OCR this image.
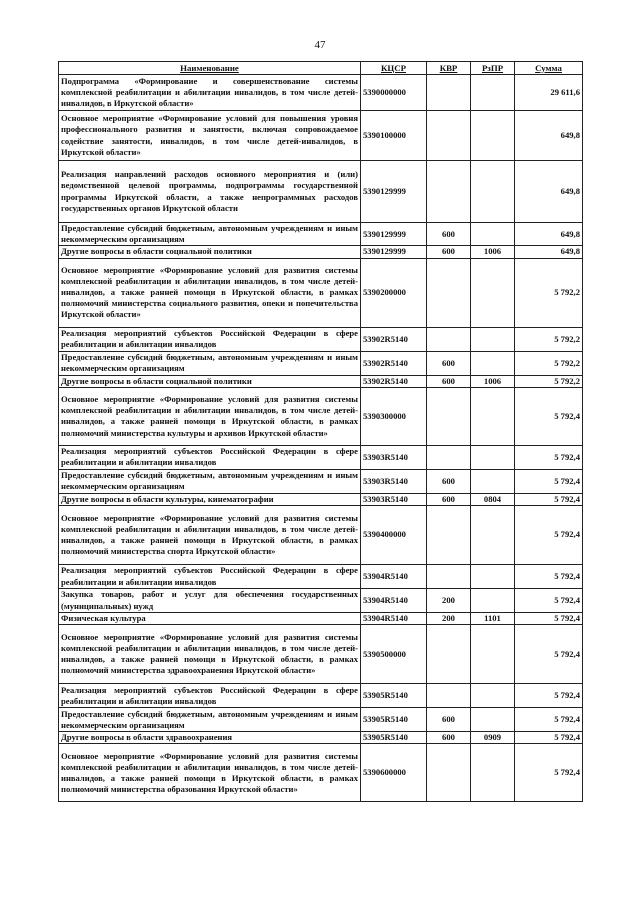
47
Наименование	КЦСР	КВР	РзПР	Сумма
Подпрограмма «Формирование и совершенствование системы комплексной реабилитации и абилитации инвалидов, в том числе детей-инвалидов, в Иркутской области»	5390000000			29 611,6
Основное мероприятие «Формирование условий для повышения уровня профессионального развития и занятости, включая сопровождаемое содействие занятости, инвалидов, в том числе детей-инвалидов, в Иркутской области»	5390100000			649,8
Реализация направлений расходов основного мероприятия и (или) ведомственной целевой программы, подпрограммы государственной программы Иркутской области, а также непрограммных расходов государственных органов Иркутской области	5390129999			649,8
Предоставление субсидий бюджетным, автономным учреждениям и иным некоммерческим организациям	5390129999	600		649,8
Другие вопросы в области социальной политики	5390129999	600	1006	649,8
Основное мероприятие «Формирование условий для развития системы комплексной реабилитации и абилитации инвалидов, в том числе детей-инвалидов, а также ранней помощи в Иркутской области, в рамках полномочий министерства социального развития, опеки и попечительства Иркутской области»	5390200000			5 792,2
Реализация мероприятий субъектов Российской Федерации в сфере реабилитации и абилитации инвалидов	53902R5140			5 792,2
Предоставление субсидий бюджетным, автономным учреждениям и иным некоммерческим организациям	53902R5140	600		5 792,2
Другие вопросы в области социальной политики	53902R5140	600	1006	5 792,2
Основное мероприятие «Формирование условий для развития системы комплексной реабилитации и абилитации инвалидов, в том числе детей-инвалидов, а также ранней помощи в Иркутской области, в рамках полномочий министерства культуры и архивов Иркутской области»	5390300000			5 792,4
Реализация мероприятий субъектов Российской Федерации в сфере реабилитации и абилитации инвалидов	53903R5140			5 792,4
Предоставление субсидий бюджетным, автономным учреждениям и иным некоммерческим организациям	53903R5140	600		5 792,4
Другие вопросы в области культуры, кинематографии	53903R5140	600	0804	5 792,4
Основное мероприятие «Формирование условий для развития системы комплексной реабилитации и абилитации инвалидов, в том числе детей-инвалидов, а также ранней помощи в Иркутской области, в рамках полномочий министерства спорта Иркутской области»	5390400000			5 792,4
Реализация мероприятий субъектов Российской Федерации в сфере реабилитации и абилитации инвалидов	53904R5140			5 792,4
Закупка товаров, работ и услуг для обеспечения государственных (муниципальных) нужд	53904R5140	200		5 792,4
Физическая культура	53904R5140	200	1101	5 792,4
Основное мероприятие «Формирование условий для развития системы комплексной реабилитации и абилитации инвалидов, в том числе детей-инвалидов, а также ранней помощи в Иркутской области, в рамках полномочий министерства здравоохранения Иркутской области»	5390500000			5 792,4
Реализация мероприятий субъектов Российской Федерации в сфере реабилитации и абилитации инвалидов	53905R5140			5 792,4
Предоставление субсидий бюджетным, автономным учреждениям и иным некоммерческим организациям	53905R5140	600		5 792,4
Другие вопросы в области здравоохранения	53905R5140	600	0909	5 792,4
Основное мероприятие «Формирование условий для развития системы комплексной реабилитации и абилитации инвалидов, в том числе детей-инвалидов, а также ранней помощи в Иркутской области, в рамках полномочий министерства образования Иркутской области»	5390600000			5 792,4
